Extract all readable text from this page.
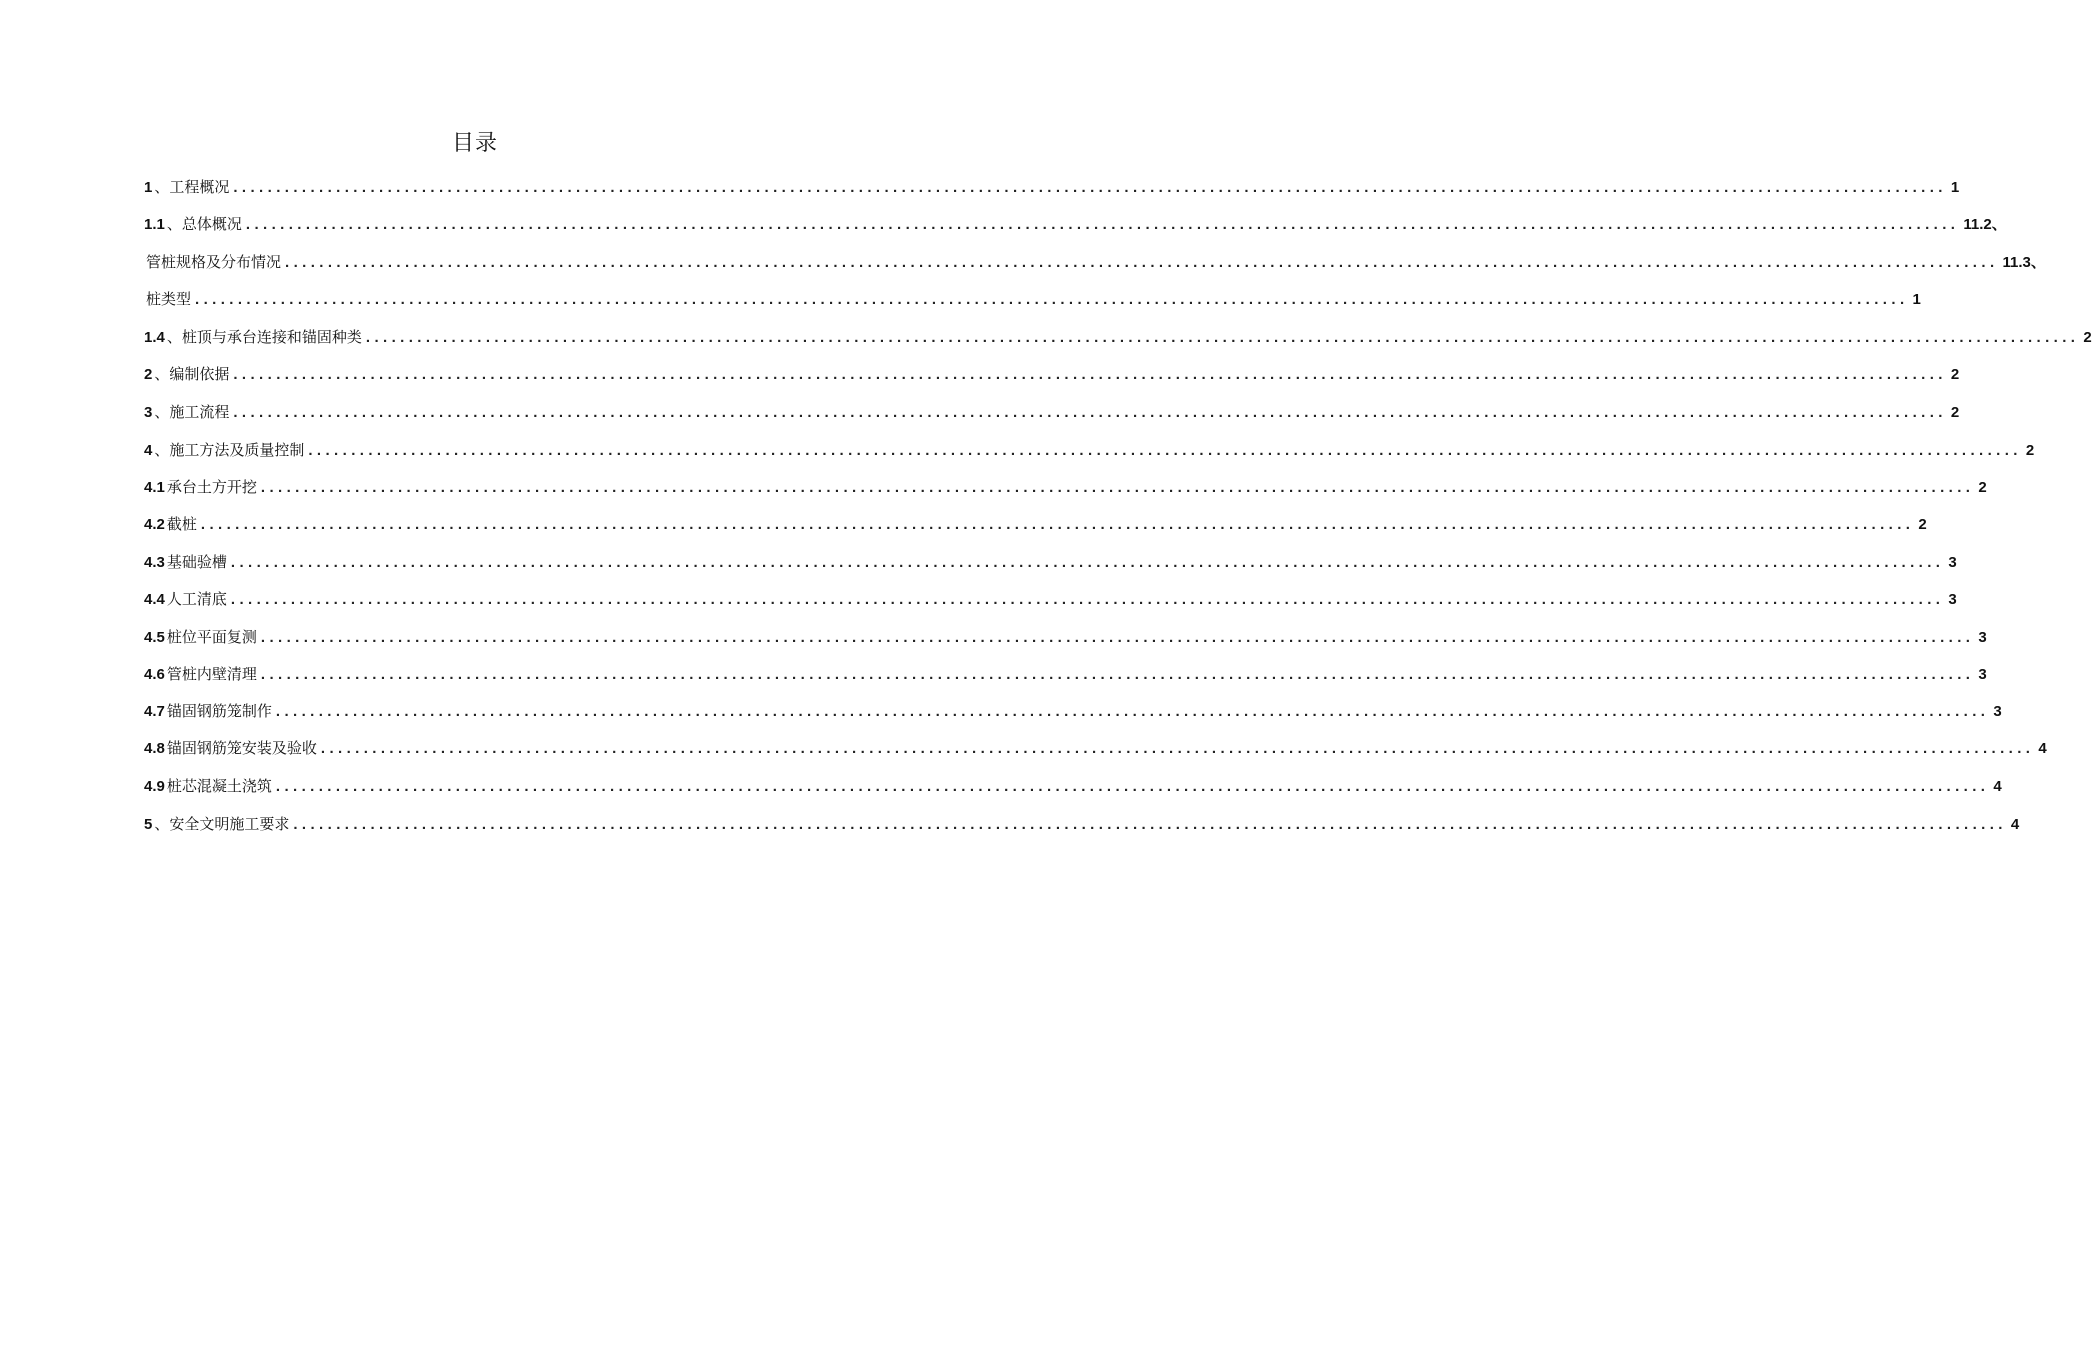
目录
1 、工程概况 ........................................................................................................................................................................................................ 1
1.1 、总体概况 ........................................................................................................................................................................................................ 11.2、
管桩规格及分布情况 ........................................................................................................................................................................................................ 11.3、
桩类型 ........................................................................................................................................................................................................ 1
1.4 、桩顶与承台连接和锚固种类 ........................................................................................................................................................................................................ 2
2 、编制依据 ........................................................................................................................................................................................................ 2
3 、施工流程 ........................................................................................................................................................................................................ 2
4 、施工方法及质量控制 ........................................................................................................................................................................................................ 2
4.1 承台土方开挖 ........................................................................................................................................................................................................ 2
4.2 截桩 ........................................................................................................................................................................................................ 2
4.3 基础验槽 ........................................................................................................................................................................................................ 3
4.4 人工清底 ........................................................................................................................................................................................................ 3
4.5 桩位平面复测 ........................................................................................................................................................................................................ 3
4.6 管桩内壁清理 ........................................................................................................................................................................................................ 3
4.7 锚固钢筋笼制作 ........................................................................................................................................................................................................ 3
4.8 锚固钢筋笼安装及验收 ........................................................................................................................................................................................................ 4
4.9 桩芯混凝土浇筑 ........................................................................................................................................................................................................ 4
5 、安全文明施工要求 ........................................................................................................................................................................................................ 4
